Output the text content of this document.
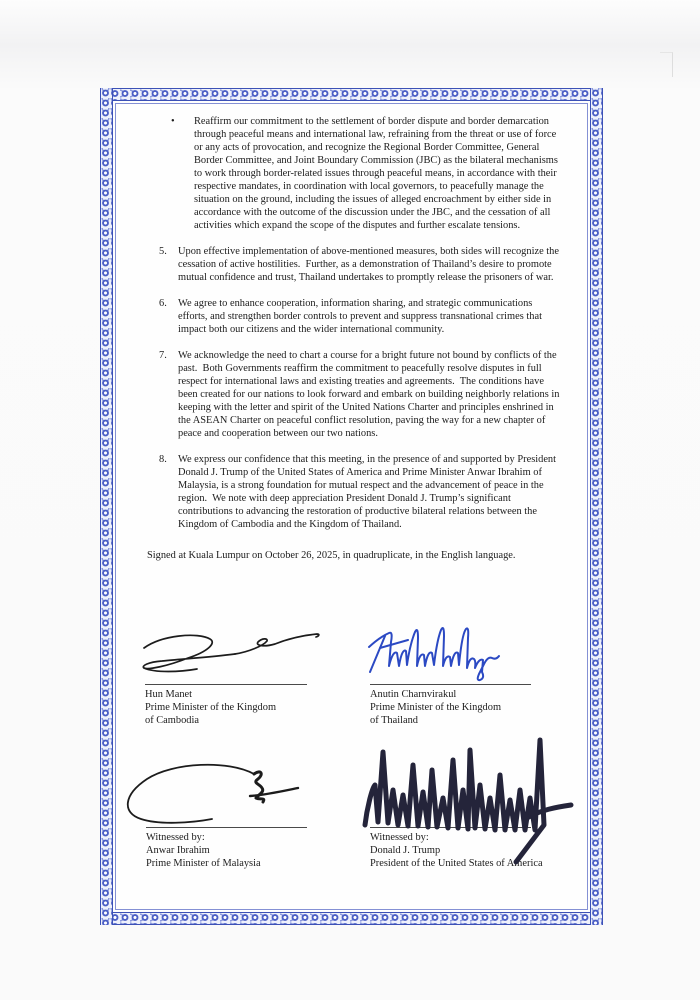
•	Reaffirm our commitment to the settlement of border dispute and border demarcation through peaceful means and international law, refraining from the threat or use of force or any acts of provocation, and recognize the Regional Border Committee, General Border Committee, and Joint Boundary Commission (JBC) as the bilateral mechanisms to work through border-related issues through peaceful means, in accordance with their respective mandates, in coordination with local governors, to peacefully manage the situation on the ground, including the issues of alleged encroachment by either side in accordance with the outcome of the discussion under the JBC, and the cessation of all activities which expand the scope of the disputes and further escalate tensions.
5.	Upon effective implementation of above-mentioned measures, both sides will recognize the cessation of active hostilities.  Further, as a demonstration of Thailand’s desire to promote mutual confidence and trust, Thailand undertakes to promptly release the prisoners of war.
6.	We agree to enhance cooperation, information sharing, and strategic communications efforts, and strengthen border controls to prevent and suppress transnational crimes that impact both our citizens and the wider international community.
7.	We acknowledge the need to chart a course for a bright future not bound by conflicts of the past.  Both Governments reaffirm the commitment to peacefully resolve disputes in full respect for international laws and existing treaties and agreements.  The conditions have been created for our nations to look forward and embark on building neighborly relations in keeping with the letter and spirit of the United Nations Charter and principles enshrined in the ASEAN Charter on peaceful conflict resolution, paving the way for a new chapter of peace and cooperation between our two nations.
8.	We express our confidence that this meeting, in the presence of and supported by President Donald J. Trump of the United States of America and Prime Minister Anwar Ibrahim of Malaysia, is a strong foundation for mutual respect and the advancement of peace in the region.  We note with deep appreciation President Donald J. Trump’s significant contributions to advancing the restoration of productive bilateral relations between the Kingdom of Cambodia and the Kingdom of Thailand.

Signed at Kuala Lumpur on October 26, 2025, in quadruplicate, in the English language.

Hun Manet
Prime Minister of the Kingdom
of Cambodia
Anutin Charnvirakul
Prime Minister of the Kingdom
of Thailand
Witnessed by:
Anwar Ibrahim
Prime Minister of Malaysia
Witnessed by:
Donald J. Trump
President of the United States of America
